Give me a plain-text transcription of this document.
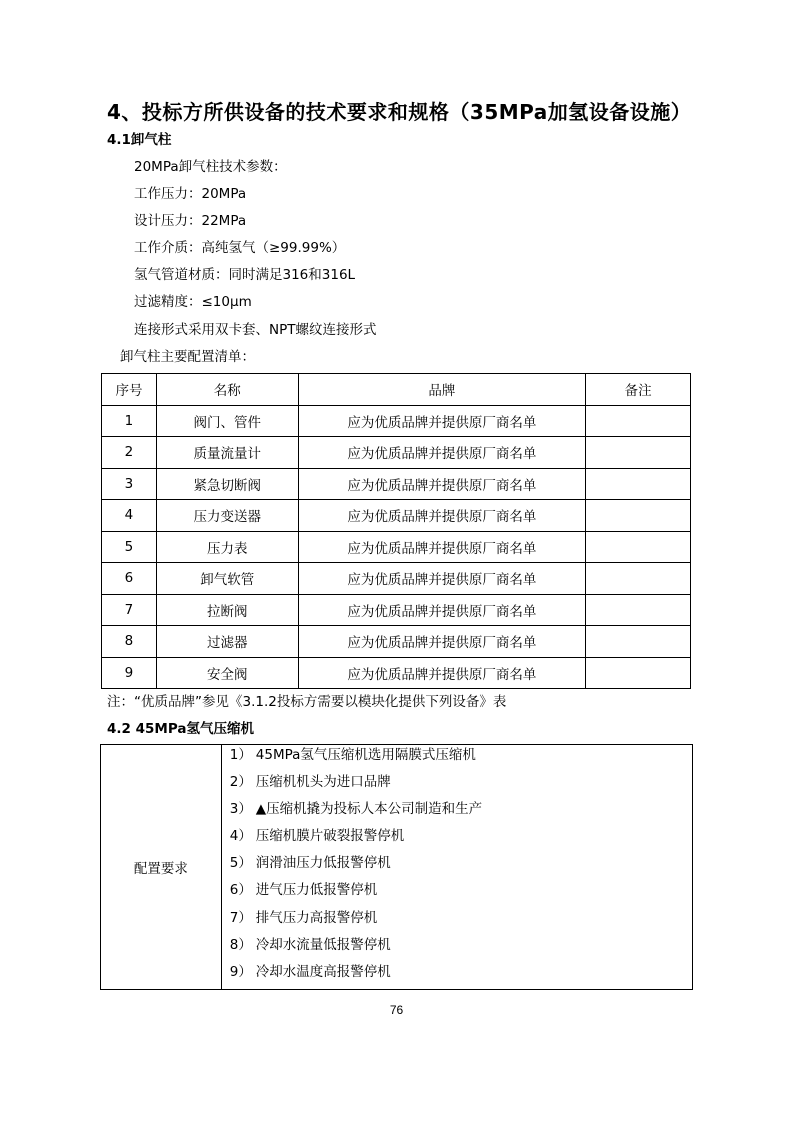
4、投标方所供设备的技术要求和规格（35MPa加氢设备设施）
4.1卸气柱
20MPa卸气柱技术参数：
工作压力：20MPa
设计压力：22MPa
工作介质：高纯氢气（≥99.99%）
氢气管道材质：同时满足316和316L
过滤精度：≤10μm
连接形式采用双卡套、NPT螺纹连接形式
卸气柱主要配置清单：
序号	名称	品牌	备注
1	阀门、管件	应为优质品牌并提供原厂商名单	
2	质量流量计	应为优质品牌并提供原厂商名单	
3	紧急切断阀	应为优质品牌并提供原厂商名单	
4	压力变送器	应为优质品牌并提供原厂商名单	
5	压力表	应为优质品牌并提供原厂商名单	
6	卸气软管	应为优质品牌并提供原厂商名单	
7	拉断阀	应为优质品牌并提供原厂商名单	
8	过滤器	应为优质品牌并提供原厂商名单	
9	安全阀	应为优质品牌并提供原厂商名单	
注：“优质品牌”参见《3.1.2投标方需要以模块化提供下列设备》表
4.2 45MPa氢气压缩机
配置要求	
1） 45MPa氢气压缩机选用隔膜式压缩机
2） 压缩机机头为进口品牌
3） ▲压缩机撬为投标人本公司制造和生产
4） 压缩机膜片破裂报警停机
5） 润滑油压力低报警停机
6） 进气压力低报警停机
7） 排气压力高报警停机
8） 冷却水流量低报警停机
9） 冷却水温度高报警停机
76
